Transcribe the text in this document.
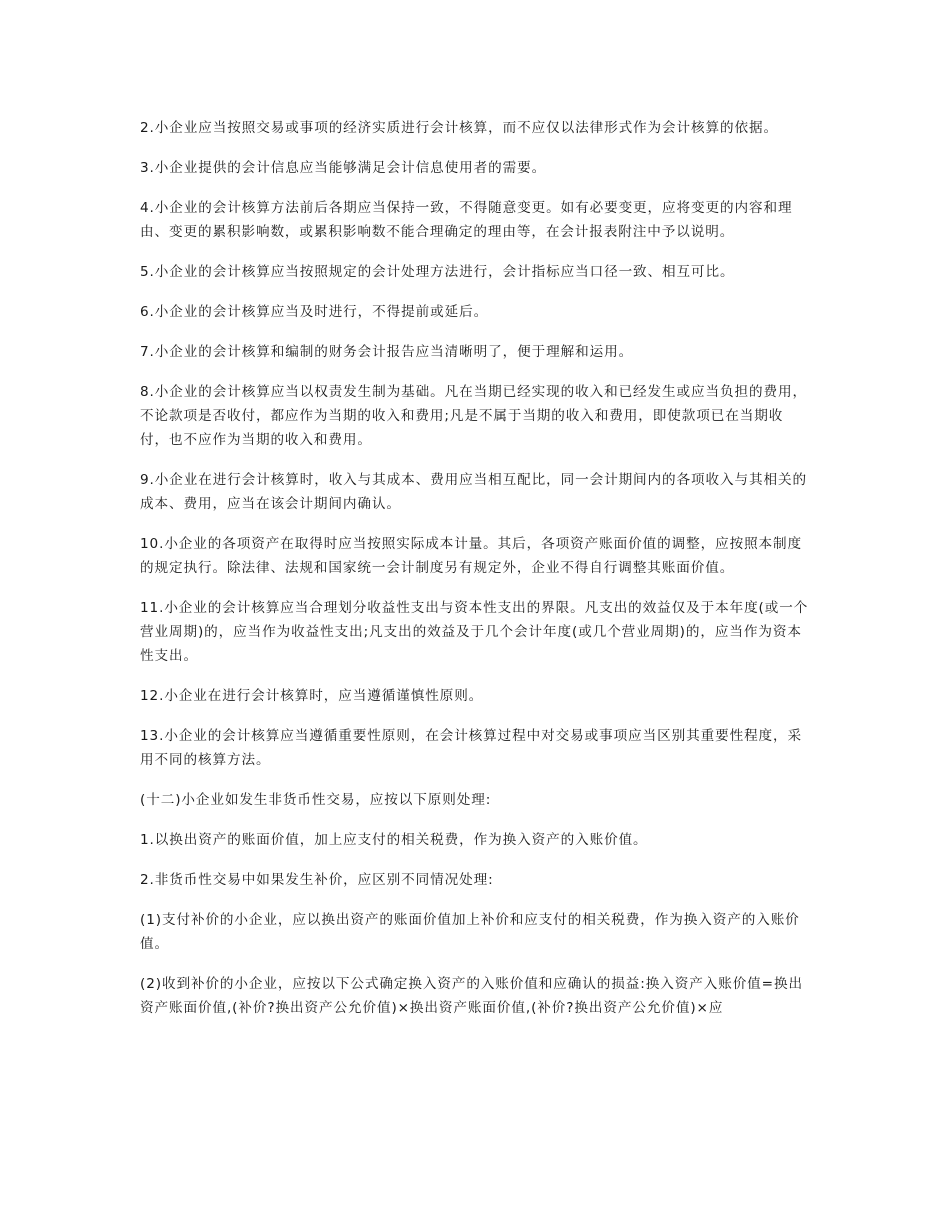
2.小企业应当按照交易或事项的经济实质进行会计核算，而不应仅以法律形式作为会计核算的依据。

3.小企业提供的会计信息应当能够满足会计信息使用者的需要。

4.小企业的会计核算方法前后各期应当保持一致，不得随意变更。如有必要变更，应将变更的内容和理由、变更的累积影响数，或累积影响数不能合理确定的理由等，在会计报表附注中予以说明。

5.小企业的会计核算应当按照规定的会计处理方法进行，会计指标应当口径一致、相互可比。

6.小企业的会计核算应当及时进行，不得提前或延后。

7.小企业的会计核算和编制的财务会计报告应当清晰明了，便于理解和运用。

8.小企业的会计核算应当以权责发生制为基础。凡在当期已经实现的收入和已经发生或应当负担的费用，不论款项是否收付，都应作为当期的收入和费用;凡是不属于当期的收入和费用，即使款项已在当期收付，也不应作为当期的收入和费用。

9.小企业在进行会计核算时，收入与其成本、费用应当相互配比，同一会计期间内的各项收入与其相关的成本、费用，应当在该会计期间内确认。

10.小企业的各项资产在取得时应当按照实际成本计量。其后，各项资产账面价值的调整，应按照本制度的规定执行。除法律、法规和国家统一会计制度另有规定外，企业不得自行调整其账面价值。

11.小企业的会计核算应当合理划分收益性支出与资本性支出的界限。凡支出的效益仅及于本年度(或一个营业周期)的，应当作为收益性支出;凡支出的效益及于几个会计年度(或几个营业周期)的，应当作为资本性支出。

12.小企业在进行会计核算时，应当遵循谨慎性原则。

13.小企业的会计核算应当遵循重要性原则，在会计核算过程中对交易或事项应当区别其重要性程度，采用不同的核算方法。

(十二)小企业如发生非货币性交易，应按以下原则处理:

1.以换出资产的账面价值，加上应支付的相关税费，作为换入资产的入账价值。

2.非货币性交易中如果发生补价，应区别不同情况处理:

(1)支付补价的小企业，应以换出资产的账面价值加上补价和应支付的相关税费，作为换入资产的入账价值。

(2)收到补价的小企业，应按以下公式确定换入资产的入账价值和应确认的损益:换入资产入账价值=换出资产账面价值,(补价?换出资产公允价值)×换出资产账面价值,(补价?换出资产公允价值)×应
